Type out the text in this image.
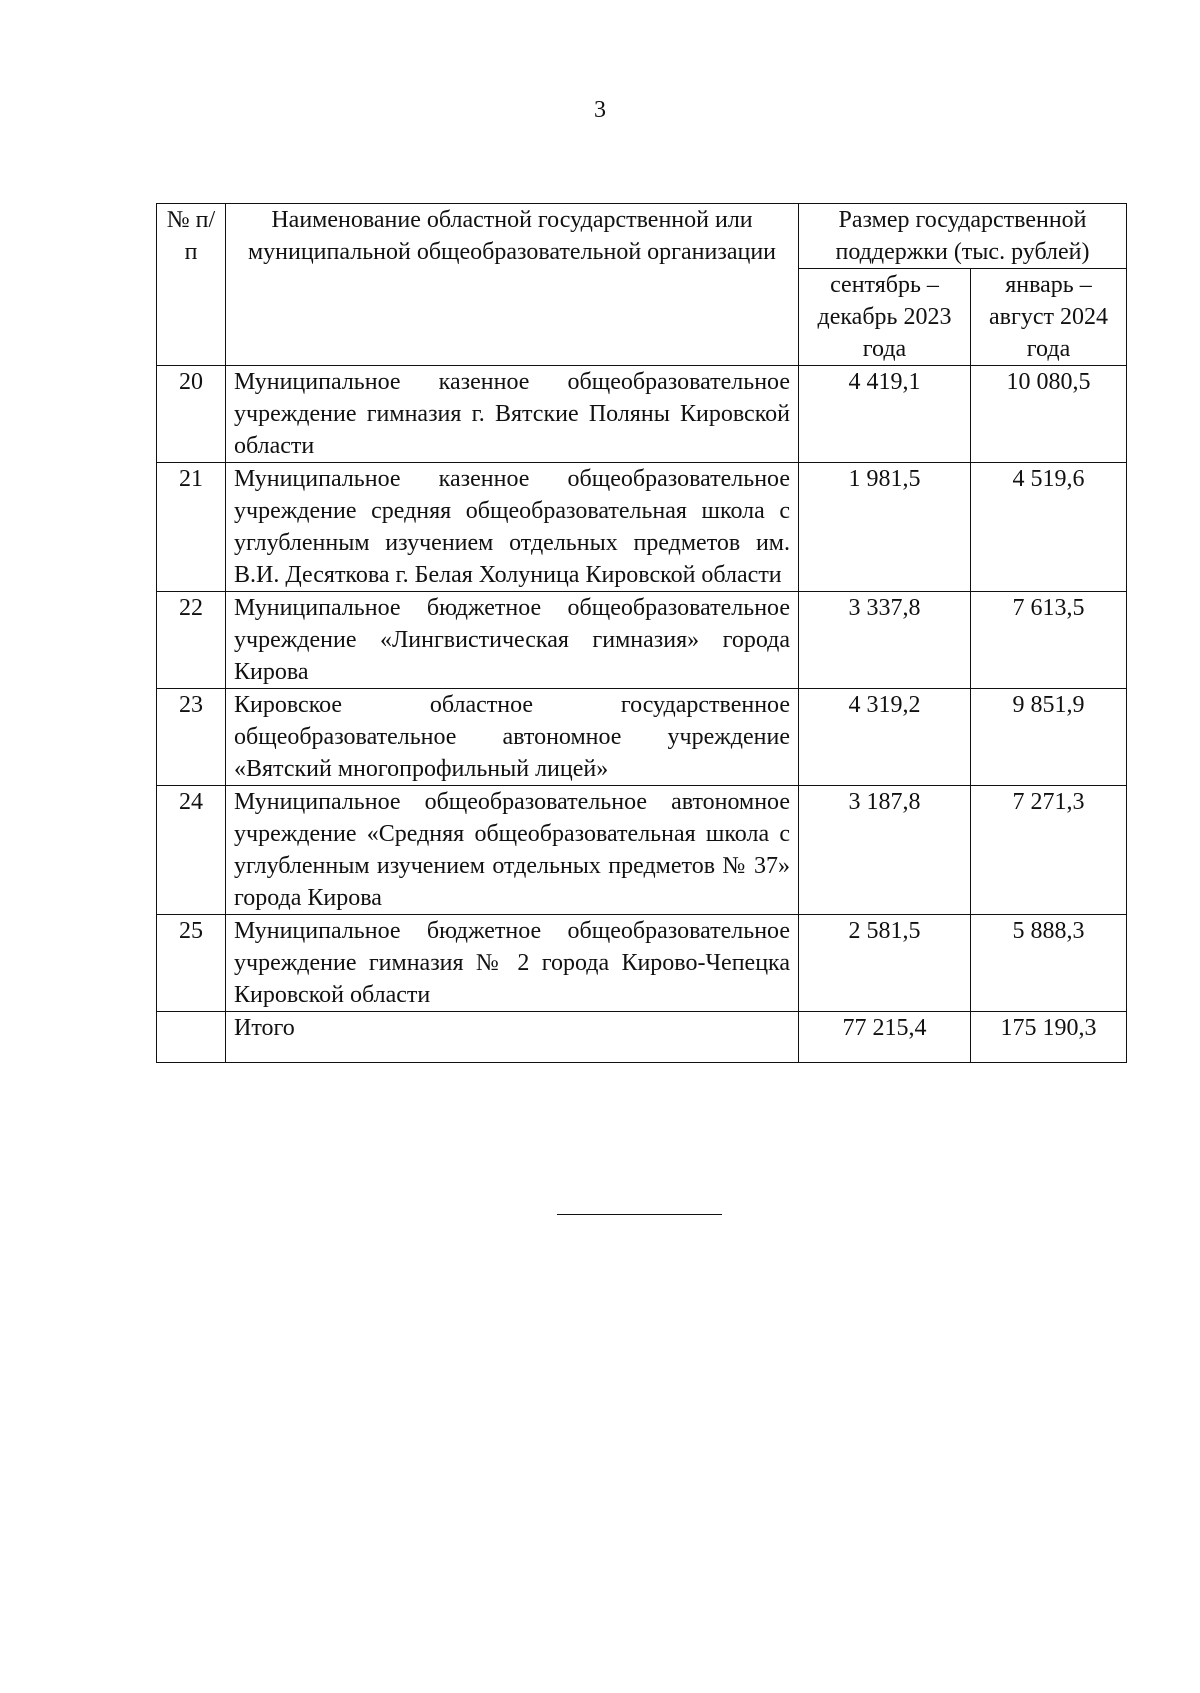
3
№ п/п	Наименование областной государственной или муниципальной общеобразовательной организации	Размер государственной поддержки (тыс. рублей)	
		сентябрь – декабрь 2023 года	январь – август 2024 года
20	Муниципальное казенное общеобразовательное учреждение гимназия г. Вятские Поляны Кировской области	4 419,1	10 080,5
21	Муниципальное казенное общеобразовательное учреждение средняя общеобразовательная школа с углубленным изучением отдельных предметов им. В.И. Десяткова г. Белая Холуница Кировской области	1 981,5	4 519,6
22	Муниципальное бюджетное общеобразовательное учреждение «Лингвистическая гимназия» города Кирова	3 337,8	7 613,5
23	Кировское областное государственное общеобразовательное автономное учреждение «Вятский многопрофильный лицей»	4 319,2	9 851,9
24	Муниципальное общеобразовательное автономное учреждение «Средняя общеобразовательная школа с углубленным изучением отдельных предметов № 37» города Кирова	3 187,8	7 271,3
25	Муниципальное бюджетное общеобразовательное учреждение гимназия № 2 города Кирово-Чепецка Кировской области	2 581,5	5 888,3
	Итого	77 215,4	175 190,3
